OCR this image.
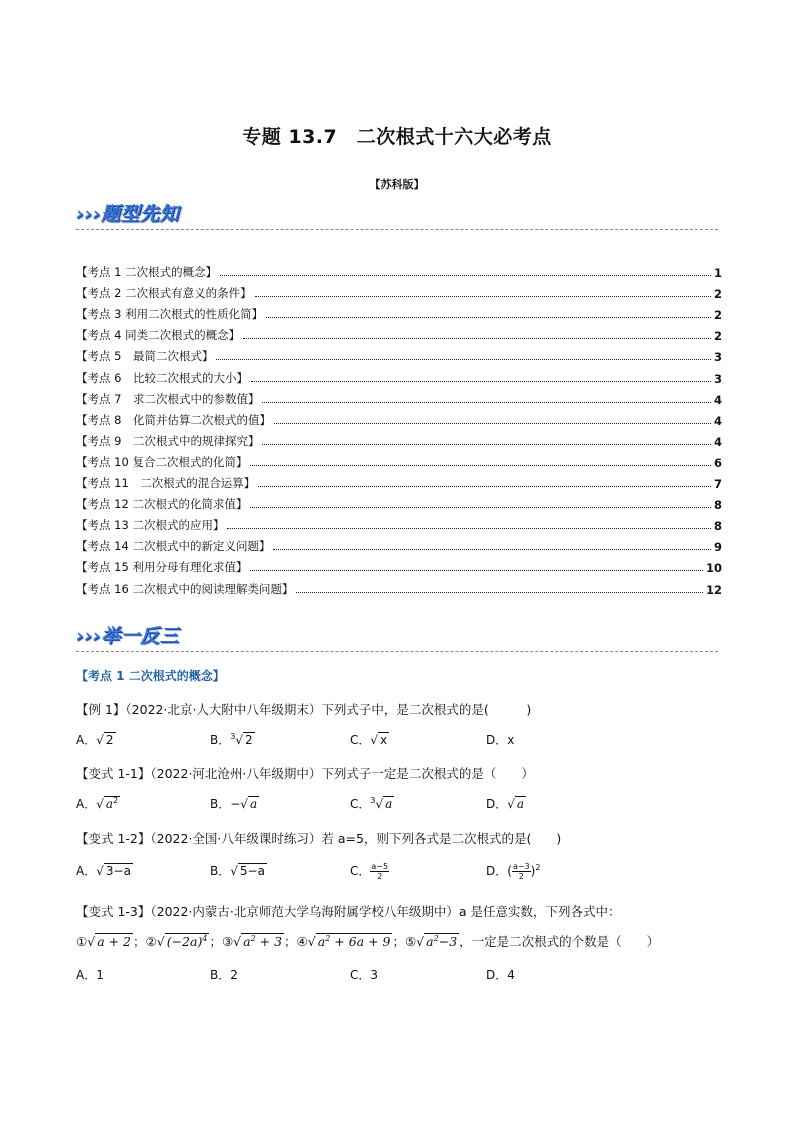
专题 13.7　二次根式十六大必考点
【苏科版】
›››题型先知
【考点 1 二次根式的概念】	1
【考点 2 二次根式有意义的条件】	2
【考点 3 利用二次根式的性质化简】	2
【考点 4 同类二次根式的概念】	2
【考点 5　最简二次根式】	3
【考点 6　比较二次根式的大小】	3
【考点 7　求二次根式中的参数值】	4
【考点 8　化简并估算二次根式的值】	4
【考点 9　二次根式中的规律探究】	4
【考点 10 复合二次根式的化简】	6
【考点 11　二次根式的混合运算】	7
【考点 12 二次根式的化简求值】	8
【考点 13 二次根式的应用】	8
【考点 14 二次根式中的新定义问题】	9
【考点 15 利用分母有理化求值】	10
【考点 16 二次根式中的阅读理解类问题】	12
›››举一反三
【考点 1 二次根式的概念】
【例 1】（2022·北京·人大附中八年级期末）下列式子中，是二次根式的是(　　　)
A．√ 2	B．$^3$√ 2	C．√ x	D．x
【变式 1-1】（2022·河北沧州·八年级期中）下列式子一定是二次根式的是（　　）
A．√ $a^2$	B．−√ a	C．$^3$√ a	D．√ a
【变式 1-2】（2022·全国·八年级课时练习）若 a=5，则下列各式是二次根式的是(　　)
A．√ 3−a	B．√ 5−a	C． $\frac{a-5}{2}$	D．( $\frac{a-3}{2} )^2$
【变式 1-3】（2022·内蒙古·北京师范大学乌海附属学校八年级期中）a 是任意实数，下列各式中：
①√ a + 2 ；②√ $(-2a)^4$ ；③√ $a^2 + 3$ ；④√ $a^2 + 6a + 9$ ；⑤√ $a^2-3$ ，一定是二次根式的个数是（　　）
A．1	B．2	C．3	D．4
